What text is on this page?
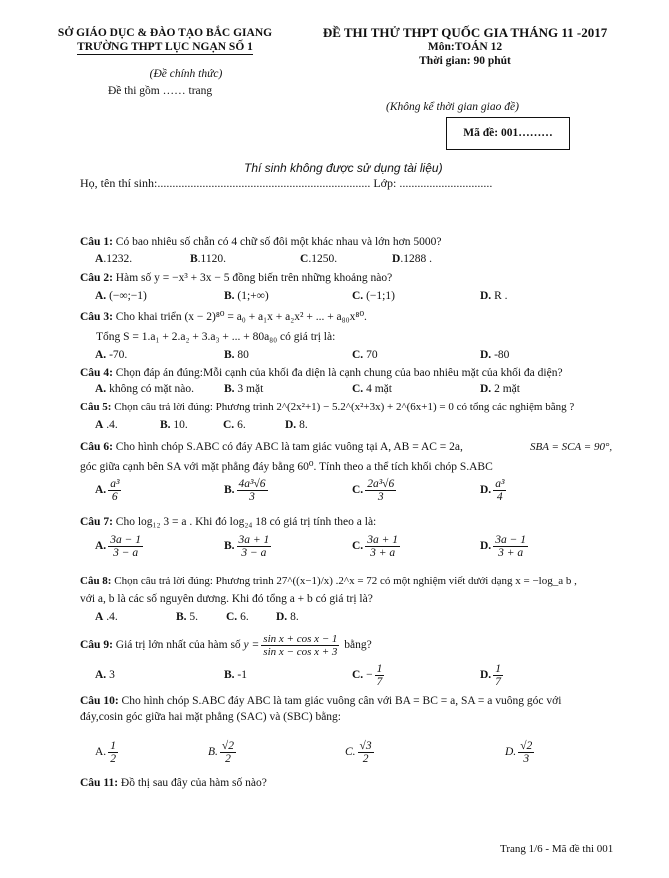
SỞ GIÁO DỤC & ĐÀO TẠO BẮC GIANG
TRƯỜNG THPT LỤC NGẠN SỐ 1
(Đề chính thức)
Đề thi gồm …… trang
ĐỀ THI THỬ THPT QUỐC GIA THÁNG 11 -2017
Môn:TOÁN 12
Thời gian: 90 phút
(Không kể thời gian giao đề)
Mã đề: 001………
Thí sinh không được sử dụng tài liệu)
Họ, tên thí sinh:....................................................................... Lớp: ...............................
Câu 1: Có bao nhiêu số chẵn có 4 chữ số đôi một khác nhau và lớn hơn 5000?
A.1232.	B.1120.	C.1250.	D.1288 .
Câu 2: Hàm số y = −x³ + 3x − 5 đồng biến trên những khoảng nào?
A. (−∞;−1)	B. (1;+∞)	C. (−1;1)	D. R .
Câu 3: Cho khai triển (x − 2)⁸⁰ = a₀ + a₁x + a₂x² + ... + a₈₀x⁸⁰.
Tổng S = 1.a₁ + 2.a₂ + 3.a₃ + ... + 80a₈₀ có giá trị là:
A. -70.	B. 80	C. 70	D. -80
Câu 4: Chọn đáp án đúng:Mỗi cạnh của khối đa diện là cạnh chung của bao nhiêu mặt của khối đa diện?
A. không có mặt nào.	B. 3 mặt	C. 4 mặt	D. 2 mặt
Câu 5: Chọn câu trả lời đúng: Phương trình 2^(2x²+1) − 5.2^(x²+3x) + 2^(6x+1) = 0 có tổng các nghiệm bằng ?
A .4.	B. 10.	C. 6.	D. 8.
Câu 6: Cho hình chóp S.ABC có đáy ABC là tam giác vuông tại A, AB = AC = 2a,	SBA = SCA = 90°,
góc giữa cạnh bên SA với mặt phẳng đáy bằng 60⁰. Tính theo a thể tích khối chóp S.ABC
A. $\frac{\text{a³}}{6}$	B. $\frac{\text{4a³√6}}{3}$	C. $\frac{\text{2a³√6}}{3}$	D. $\frac{\text{a³}}{4}$
Câu 7: Cho log₁₂ 3 = a . Khi đó log₂₄ 18 có giá trị tính theo a là:
A. $\frac{3a - 1}{3 - a}$	B. $\frac{3a + 1}{3 - a}$	C. $\frac{3a + 1}{3 + a}$	D. $\frac{3a - 1}{3 + a}$
Câu 8: Chọn câu trả lời đúng: Phương trình 27^((x−1)/x) .2^x = 72 có một nghiệm viết dưới dạng x = −log_a b ,
với a, b là các số nguyên dương. Khi đó tổng a + b có giá trị là?
A .4.	B. 5. C. 6. D. 8.
Câu 9: Giá trị lớn nhất của hàm số $y = \frac{\text{sin x + cos x − 1}}{\text{sin x − cos x + 3}}$ bằng?
A. 3	B. -1	C. − $\frac{1}{7}$	D. $\frac{1}{7}$
Câu 10: Cho hình chóp S.ABC đáy ABC là tam giác vuông cân với BA = BC = a, SA = a vuông góc với
đáy,cosin góc giữa hai mặt phẳng (SAC) và (SBC) bằng:
A. $\frac{1}{2}$	B. $\frac{√2}{2}$	C. $\frac{√3}{2}$	D. $\frac{√2}{3}$
Câu 11: Đồ thị sau đây của hàm số nào?
Trang 1/6 - Mã đề thi 001
